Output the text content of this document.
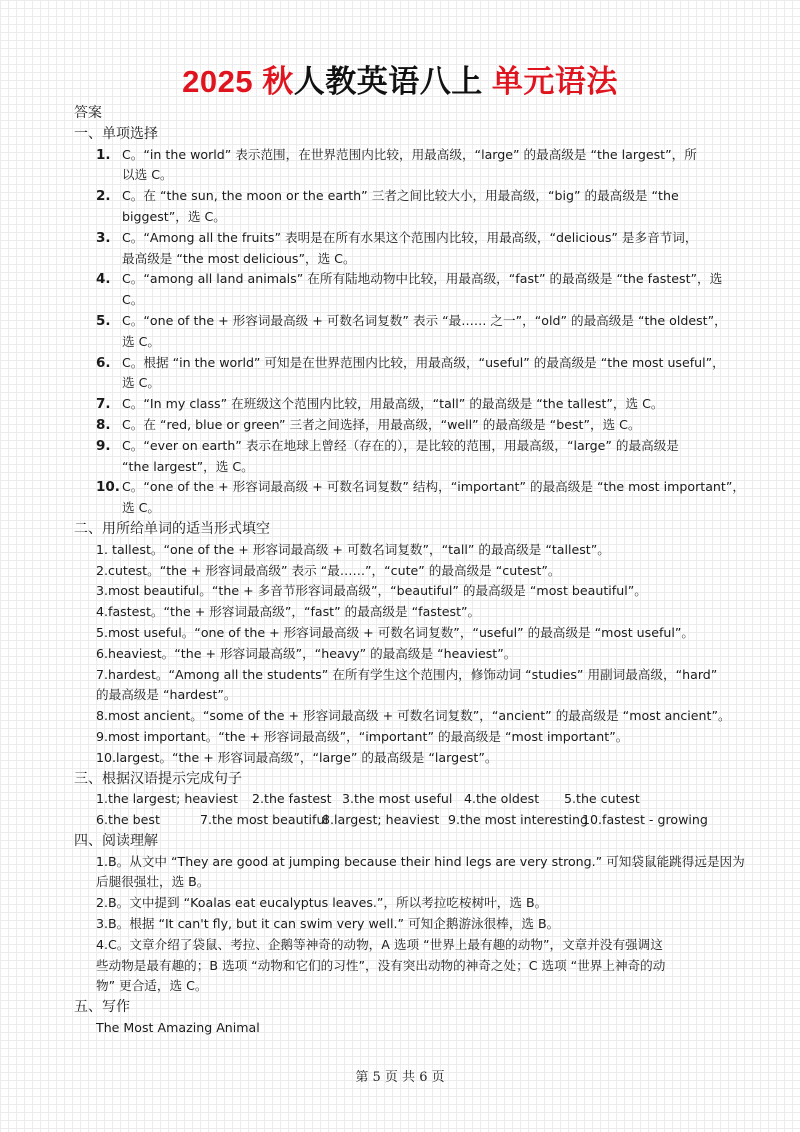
2025 秋人教英语八上 单元语法
答案
一、单项选择
1. C。“in the world” 表示范围，在世界范围内比较，用最高级，“large” 的最高级是 “the largest”，所
以选 C。
2. C。在 “the sun, the moon or the earth” 三者之间比较大小，用最高级，“big” 的最高级是 “the
biggest”，选 C。
3. C。“Among all the fruits” 表明是在所有水果这个范围内比较，用最高级，“delicious” 是多音节词，
最高级是 “the most delicious”，选 C。
4. C。“among all land animals” 在所有陆地动物中比较，用最高级，“fast” 的最高级是 “the fastest”，选
C。
5. C。“one of the + 形容词最高级 + 可数名词复数” 表示 “最…… 之一”，“old” 的最高级是 “the oldest”，
选 C。
6. C。根据 “in the world” 可知是在世界范围内比较，用最高级，“useful” 的最高级是 “the most useful”，
选 C。
7. C。“In my class” 在班级这个范围内比较，用最高级，“tall” 的最高级是 “the tallest”，选 C。
8. C。在 “red, blue or green” 三者之间选择，用最高级，“well” 的最高级是 “best”，选 C。
9. C。“ever on earth” 表示在地球上曾经（存在的），是比较的范围，用最高级，“large” 的最高级是
“the largest”，选 C。
10. C。“one of the + 形容词最高级 + 可数名词复数” 结构，“important” 的最高级是 “the most important”，
选 C。
二、用所给单词的适当形式填空
1. tallest。“one of the + 形容词最高级 + 可数名词复数”，“tall” 的最高级是 “tallest”。
2.cutest。“the + 形容词最高级” 表示 “最……”，“cute” 的最高级是 “cutest”。
3.most beautiful。“the + 多音节形容词最高级”，“beautiful” 的最高级是 “most beautiful”。
4.fastest。“the + 形容词最高级”，“fast” 的最高级是 “fastest”。
5.most useful。“one of the + 形容词最高级 + 可数名词复数”，“useful” 的最高级是 “most useful”。
6.heaviest。“the + 形容词最高级”，“heavy” 的最高级是 “heaviest”。
7.hardest。“Among all the students” 在所有学生这个范围内，修饰动词 “studies” 用副词最高级，“hard”
的最高级是 “hardest”。
8.most ancient。“some of the + 形容词最高级 + 可数名词复数”，“ancient” 的最高级是 “most ancient”。
9.most important。“the + 形容词最高级”，“important” 的最高级是 “most important”。
10.largest。“the + 形容词最高级”，“large” 的最高级是 “largest”。
三、根据汉语提示完成句子
1.the largest; heaviest 2.the fastest 3.the most useful 4.the oldest 5.the cutest
6.the best	7.the most beautiful8.largest; heaviest 9.the most interesting10.fastest - growing
四、阅读理解
1.B。从文中 “They are good at jumping because their hind legs are very strong.” 可知袋鼠能跳得远是因为
后腿很强壮，选 B。
2.B。文中提到 “Koalas eat eucalyptus leaves.”，所以考拉吃桉树叶，选 B。
3.B。根据 “It can't fly, but it can swim very well.” 可知企鹅游泳很棒，选 B。
4.C。文章介绍了袋鼠、考拉、企鹅等神奇的动物，A 选项 “世界上最有趣的动物”，文章并没有强调这
些动物是最有趣的；B 选项 “动物和它们的习性”，没有突出动物的神奇之处；C 选项 “世界上神奇的动
物” 更合适，选 C。
五、写作
The Most Amazing Animal
第 5 页 共 6 页
